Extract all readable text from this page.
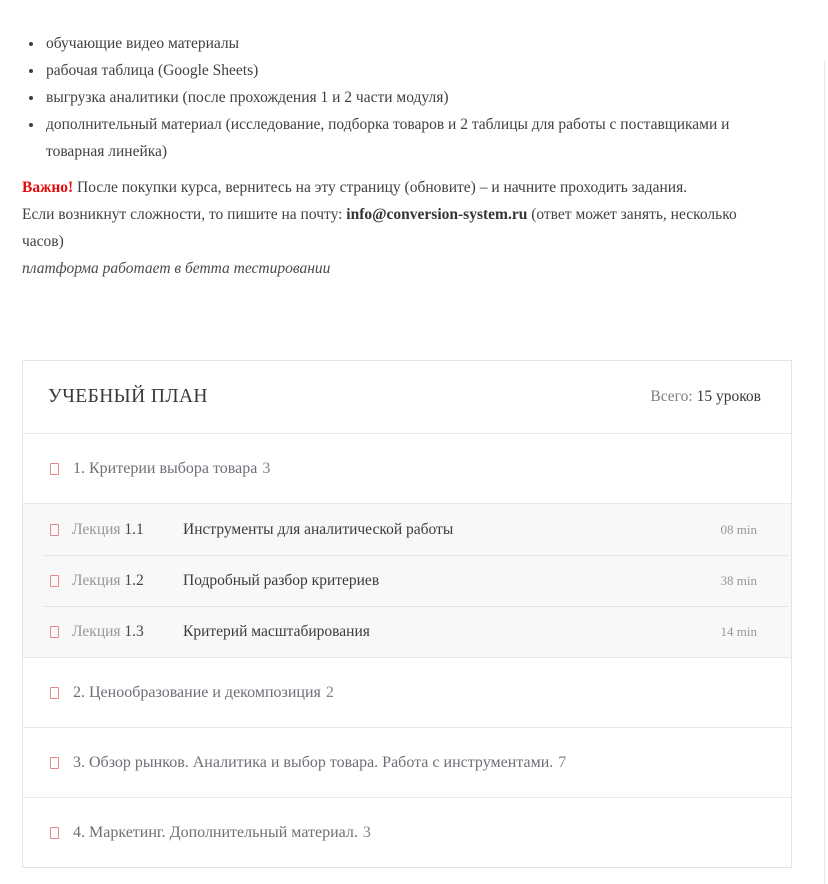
• обучающие видео материалы
• рабочая таблица (Google Sheets)
• выгрузка аналитики (после прохождения 1 и 2 части модуля)
• дополнительный материал (исследование, подборка товаров и 2 таблицы для работы с поставщиками и товарная линейка)

Важно! После покупки курса, вернитесь на эту страницу (обновите) – и начните проходить задания.

Если возникнут сложности, то пишите на почту: info@conversion-system.ru (ответ может занять, несколько часов)

платформа работает в бетта тестировании

УЧЕБНЫЙ ПЛАН	Всего: 15 уроков
1. Критерии выбора товара 3
Лекция 1.1	Инструменты для аналитической работы	08 min
Лекция 1.2	Подробный разбор критериев	38 min
Лекция 1.3	Критерий масштабирования	14 min
2. Ценообразование и декомпозиция 2
3. Обзор рынков. Аналитика и выбор товара. Работа с инструментами. 7
4. Маркетинг. Дополнительный материал. 3
